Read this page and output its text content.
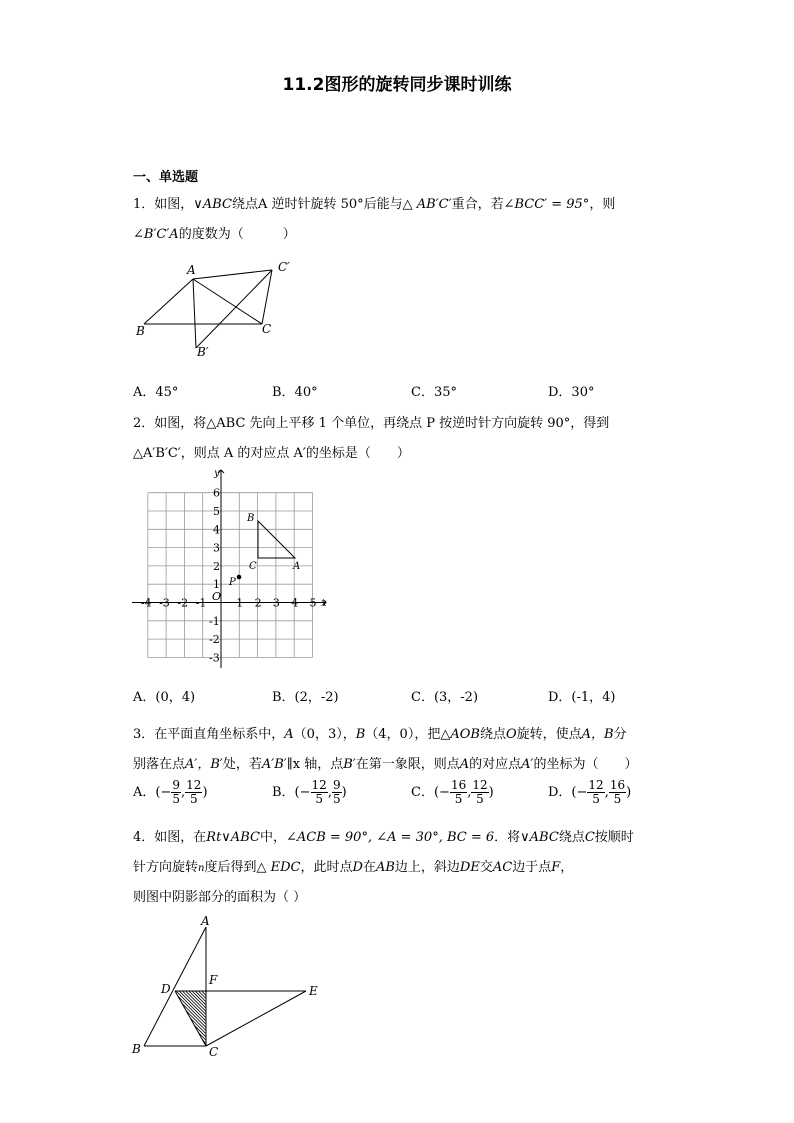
11.2图形的旋转同步课时训练
一、单选题
1．如图，∨ABC绕点A 逆时针旋转 50°后能与△ AB′C′重合，若∠BCC′ = 95°，则
∠B′C′A的度数为（　　　）
A	C′
B	C
B′
A．45°	B．40°	C．35°	D．30°
2．如图，将△ABC 先向上平移 1 个单位，再绕点 P 按逆时针方向旋转 90°，得到
△A′B′C′，则点 A 的对应点 A′的坐标是（　　）
-4 -3 -2 -1	1 2 3 4 5
6
5
4
3
2
1
-1
-2
-3
O
x
y
B
C	A
P
A．(0，4)	B．(2，-2)	C．(3，-2)	D．(-1，4)
3．在平面直角坐标系中，A（0，3），B（4，0），把△AOB绕点O旋转，使点A，B分
别落在点A′，B′处，若A′B′∥x 轴，点B′在第一象限，则点A的对应点A′的坐标为（　　）
A．(− $\frac{9}{5}$ , $\frac{12}{5}$ )	B．(− $\frac{12}{5}$ , $\frac{9}{5}$ )	C．(− $\frac{16}{5}$ , $\frac{12}{5}$ )	D．(− $\frac{12}{5}$ , $\frac{16}{5}$ )
4．如图，在Rt∨ABC中，∠ACB = 90°, ∠A = 30°, BC = 6．将∨ABC绕点C按顺时
针方向旋转n度后得到△ EDC，此时点D在AB边上，斜边DE交AC边于点F，
则图中阴影部分的面积为（ ）
A
F
D	E
B	C
